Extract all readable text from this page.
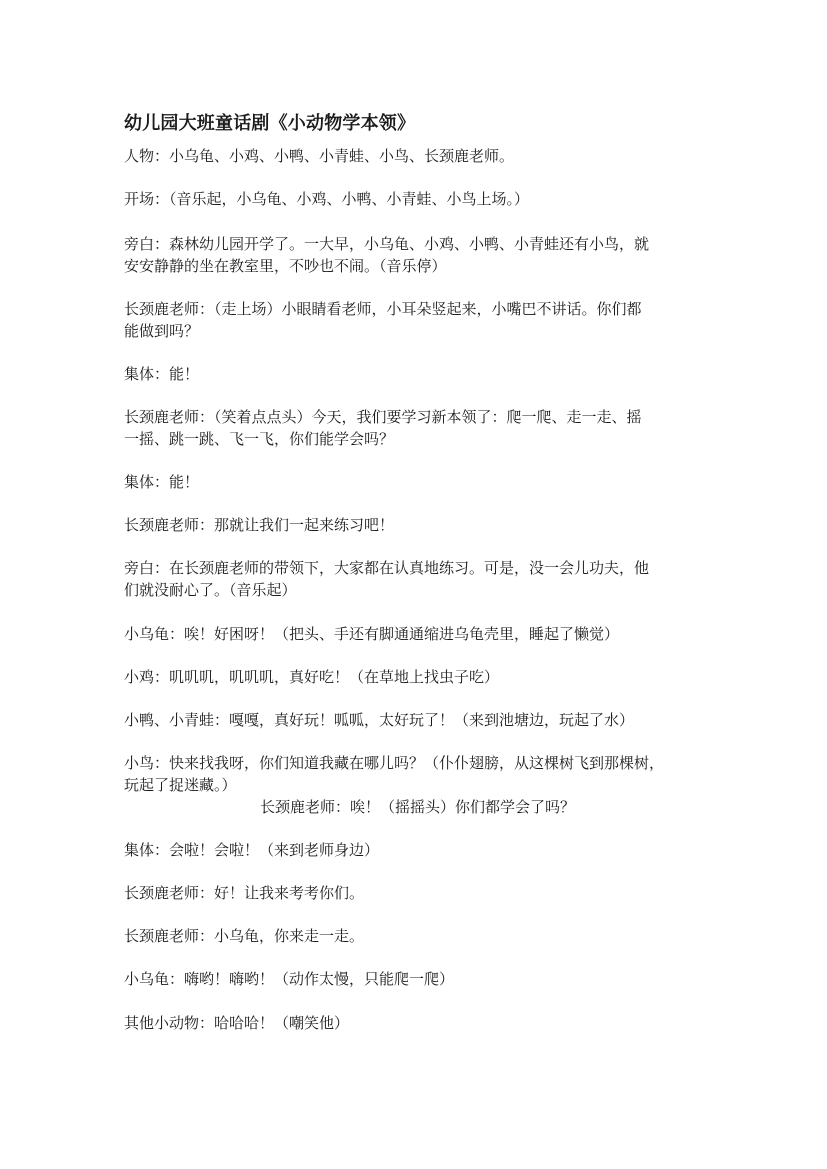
幼儿园大班童话剧《小动物学本领》
人物：小乌龟、小鸡、小鸭、小青蛙、小鸟、长颈鹿老师。
开场：（音乐起，小乌龟、小鸡、小鸭、小青蛙、小鸟上场。）
旁白：森林幼儿园开学了。一大早，小乌龟、小鸡、小鸭、小青蛙还有小鸟，就
安安静静的坐在教室里，不吵也不闹。（音乐停）
长颈鹿老师：（走上场）小眼睛看老师，小耳朵竖起来，小嘴巴不讲话。你们都
能做到吗？
集体：能！
长颈鹿老师：（笑着点点头）今天，我们要学习新本领了：爬一爬、走一走、摇
一摇、跳一跳、飞一飞，你们能学会吗？
集体：能！
长颈鹿老师：那就让我们一起来练习吧！
旁白：在长颈鹿老师的带领下，大家都在认真地练习。可是，没一会儿功夫，他
们就没耐心了。（音乐起）
小乌龟：唉！好困呀！（把头、手还有脚通通缩进乌龟壳里，睡起了懒觉）
小鸡：叽叽叽，叽叽叽，真好吃！（在草地上找虫子吃）
小鸭、小青蛙：嘎嘎，真好玩！呱呱，太好玩了！（来到池塘边，玩起了水）
小鸟：快来找我呀，你们知道我藏在哪儿吗？（仆仆翅膀，从这棵树飞到那棵树，
玩起了捉迷藏。）
长颈鹿老师：唉！（摇摇头）你们都学会了吗？
集体：会啦！会啦！（来到老师身边）
长颈鹿老师：好！让我来考考你们。
长颈鹿老师：小乌龟，你来走一走。
小乌龟：嗨哟！嗨哟！（动作太慢，只能爬一爬）
其他小动物：哈哈哈！（嘲笑他）
